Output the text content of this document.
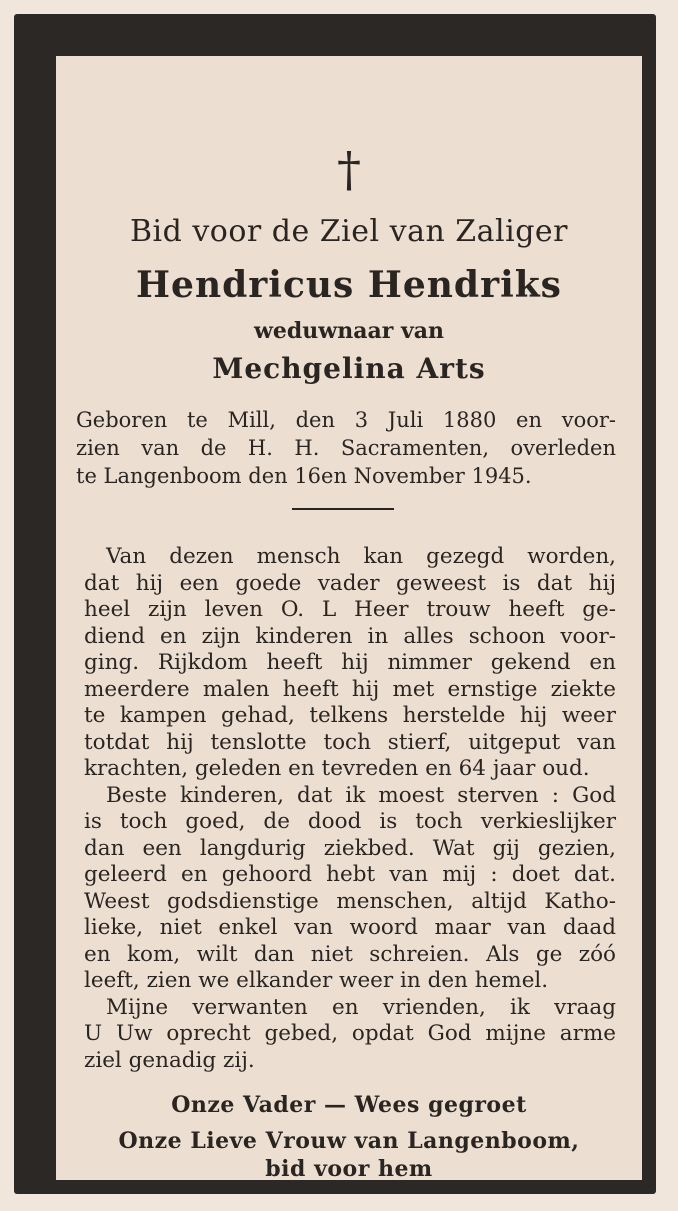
†
Bid voor de Ziel van Zaliger
Hendricus Hendriks
weduwnaar van
Mechgelina Arts
Geboren te Mill, den 3 Juli 1880 en voor-
zien van de H. H. Sacramenten, overleden
te Langenboom den 16en November 1945.
Van dezen mensch kan gezegd worden,
dat hij een goede vader geweest is dat hij
heel zijn leven O. L Heer trouw heeft ge-
diend en zijn kinderen in alles schoon voor-
ging. Rijkdom heeft hij nimmer gekend en
meerdere malen heeft hij met ernstige ziekte
te kampen gehad, telkens herstelde hij weer
totdat hij tenslotte toch stierf, uitgeput van
krachten, geleden en tevreden en 64 jaar oud.
Beste kinderen, dat ik moest sterven : God
is toch goed, de dood is toch verkieslijker
dan een langdurig ziekbed. Wat gij gezien,
geleerd en gehoord hebt van mij : doet dat.
Weest godsdienstige menschen, altijd Katho-
lieke, niet enkel van woord maar van daad
en kom, wilt dan niet schreien. Als ge zóó
leeft, zien we elkander weer in den hemel.
Mijne verwanten en vrienden, ik vraag
U Uw oprecht gebed, opdat God mijne arme
ziel genadig zij.
Onze Vader — Wees gegroet
Onze Lieve Vrouw van Langenboom,
bid voor hem
